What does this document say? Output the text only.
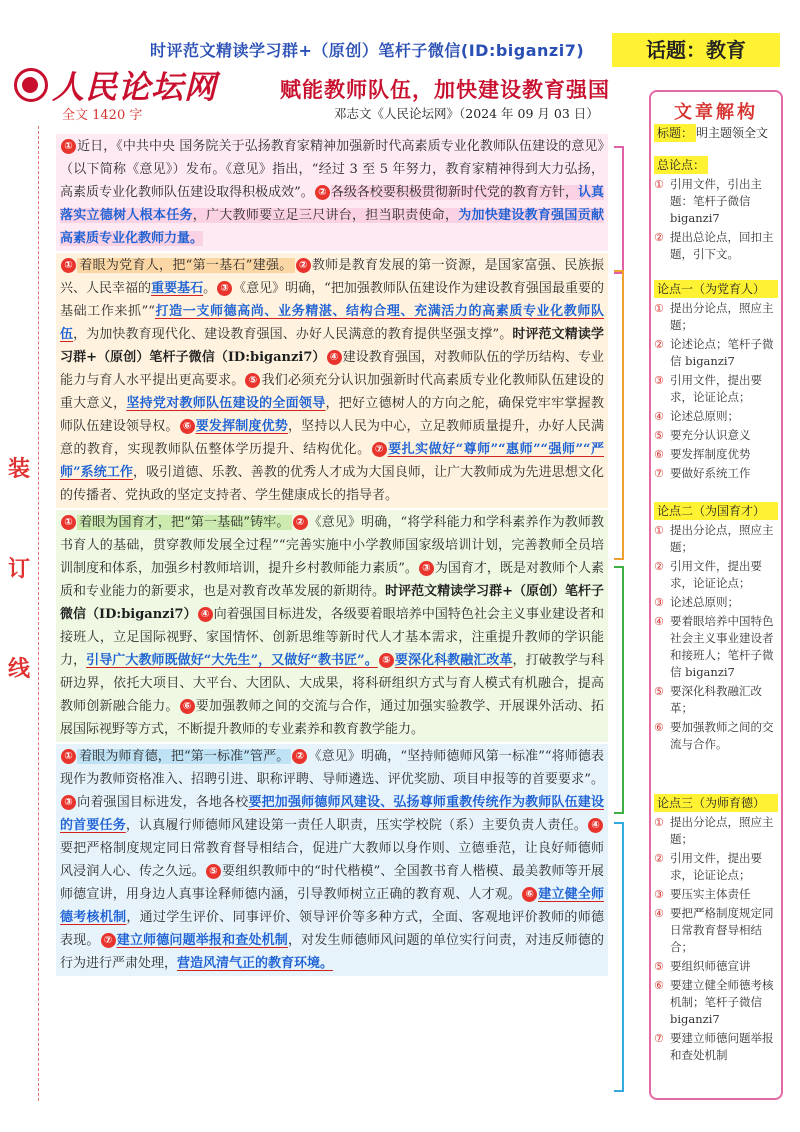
时评范文精读学习群+（原创）笔杆子微信(ID:biganzi7)	话题：教育
人民论坛网	赋能教师队伍，加快建设教育强国
全文 1420 字	邓志文《人民论坛网》（2024 年 09 月 03 日）
装
订
线
① 近日，《中共中央 国务院关于弘扬教育家精神加强新时代高素质专业化教师队伍建设的意见》（以下简称《意见》）发布。《意见》指出，“经过 3 至 5 年努力，教育家精神得到大力弘扬，高素质专业化教师队伍建设取得积极成效”。 ② 各级各校要积极贯彻新时代党的教育方针，认真落实立德树人根本任务，广大教师要立足三尺讲台，担当职责使命，为加快建设教育强国贡献高素质专业化教师力量。
① 着眼为党育人，把“第一基石”建强。 ② 教师是教育发展的第一资源，是国家富强、民族振兴、人民幸福的重要基石。 ③ 《意见》明确，“把加强教师队伍建设作为建设教育强国最重要的基础工作来抓”“打造一支师德高尚、业务精湛、结构合理、充满活力的高素质专业化教师队伍，为加快教育现代化、建设教育强国、办好人民满意的教育提供坚强支撑”。时评范文精读学习群+（原创）笔杆子微信（ID:biganzi7） ④ 建设教育强国，对教师队伍的学历结构、专业能力与育人水平提出更高要求。 ⑤ 我们必须充分认识加强新时代高素质专业化教师队伍建设的重大意义，坚持党对教师队伍建设的全面领导，把好立德树人的方向之舵，确保党牢牢掌握教师队伍建设领导权。 ⑥ 要发挥制度优势，坚持以人民为中心，立足教师质量提升，办好人民满意的教育，实现教师队伍整体学历提升、结构优化。 ⑦ 要扎实做好“尊师”“惠师”“强师”“严师”系统工作，吸引道德、乐教、善教的优秀人才成为大国良师，让广大教师成为先进思想文化的传播者、党执政的坚定支持者、学生健康成长的指导者。
① 着眼为国育才，把“第一基础”铸牢。 ② 《意见》明确，“将学科能力和学科素养作为教师教书育人的基础，贯穿教师发展全过程”“完善实施中小学教师国家级培训计划，完善教师全员培训制度和体系，加强乡村教师培训，提升乡村教师能力素质”。 ③ 为国育才，既是对教师个人素质和专业能力的新要求，也是对教育改革发展的新期待。时评范文精读学习群+（原创）笔杆子微信（ID:biganzi7） ④ 向着强国目标进发，各级要着眼培养中国特色社会主义事业建设者和接班人，立足国际视野、家国情怀、创新思维等新时代人才基本需求，注重提升教师的学识能力，引导广大教师既做好“大先生”，又做好“教书匠”。 ⑤ 要深化科教融汇改革，打破教学与科研边界，依托大项目、大平台、大团队、大成果，将科研组织方式与育人模式有机融合，提高教师创新融合能力。 ⑥ 要加强教师之间的交流与合作，通过加强实验教学、开展课外活动、拓展国际视野等方式，不断提升教师的专业素养和教育教学能力。
① 着眼为师育德，把“第一标准”管严。 ② 《意见》明确，“坚持师德师风第一标准”“将师德表现作为教师资格准入、招聘引进、职称评聘、导师遴选、评优奖励、项目申报等的首要要求”。③ 向着强国目标进发，各地各校要把加强师德师风建设、弘扬尊师重教传统作为教师队伍建设的首要任务，认真履行师德师风建设第一责任人职责，压实学校院（系）主要负责人责任。 ④要把严格制度规定同日常教育督导相结合，促进广大教师以身作则、立德垂范，让良好师德师风浸润人心、传之久远。 ⑤ 要组织教师中的“时代楷模”、全国教书育人楷模、最美教师等开展师德宣讲，用身边人真事诠释师德内涵，引导教师树立正确的教育观、人才观。 ⑥ 建立健全师德考核机制，通过学生评价、同事评价、领导评价等多种方式，全面、客观地评价教师的师德表现。 ⑦ 建立师德问题举报和查处机制，对发生师德师风问题的单位实行问责，对违反师德的行为进行严肃处理，营造风清气正的教育环境。
文章解构
标题： 明主题领全文
总论点：
① 引用文件，引出主题：笔杆子微信 biganzi7
② 提出总论点，回扣主题，引下文。
论点一（为党育人）
① 提出分论点，照应主题；
② 论述论点；笔杆子微信 biganzi7
③ 引用文件，提出要求，论证论点；
④ 论述总原则；
⑤ 要充分认识意义
⑥ 要发挥制度优势
⑦ 要做好系统工作
论点二（为国育才）
① 提出分论点，照应主题；
② 引用文件，提出要求，论证论点；
③ 论述总原则；
④ 要着眼培养中国特色社会主义事业建设者和接班人；笔杆子微信 biganzi7
⑤ 要深化科教融汇改革；
⑥ 要加强教师之间的交流与合作。
论点三（为师育德）
① 提出分论点，照应主题；
② 引用文件，提出要求，论证论点；
③ 要压实主体责任
④ 要把严格制度规定同日常教育督导相结合；
⑤ 要组织师德宣讲
⑥ 要建立健全师德考核机制；笔杆子微信 biganzi7
⑦ 要建立师德问题举报和查处机制
